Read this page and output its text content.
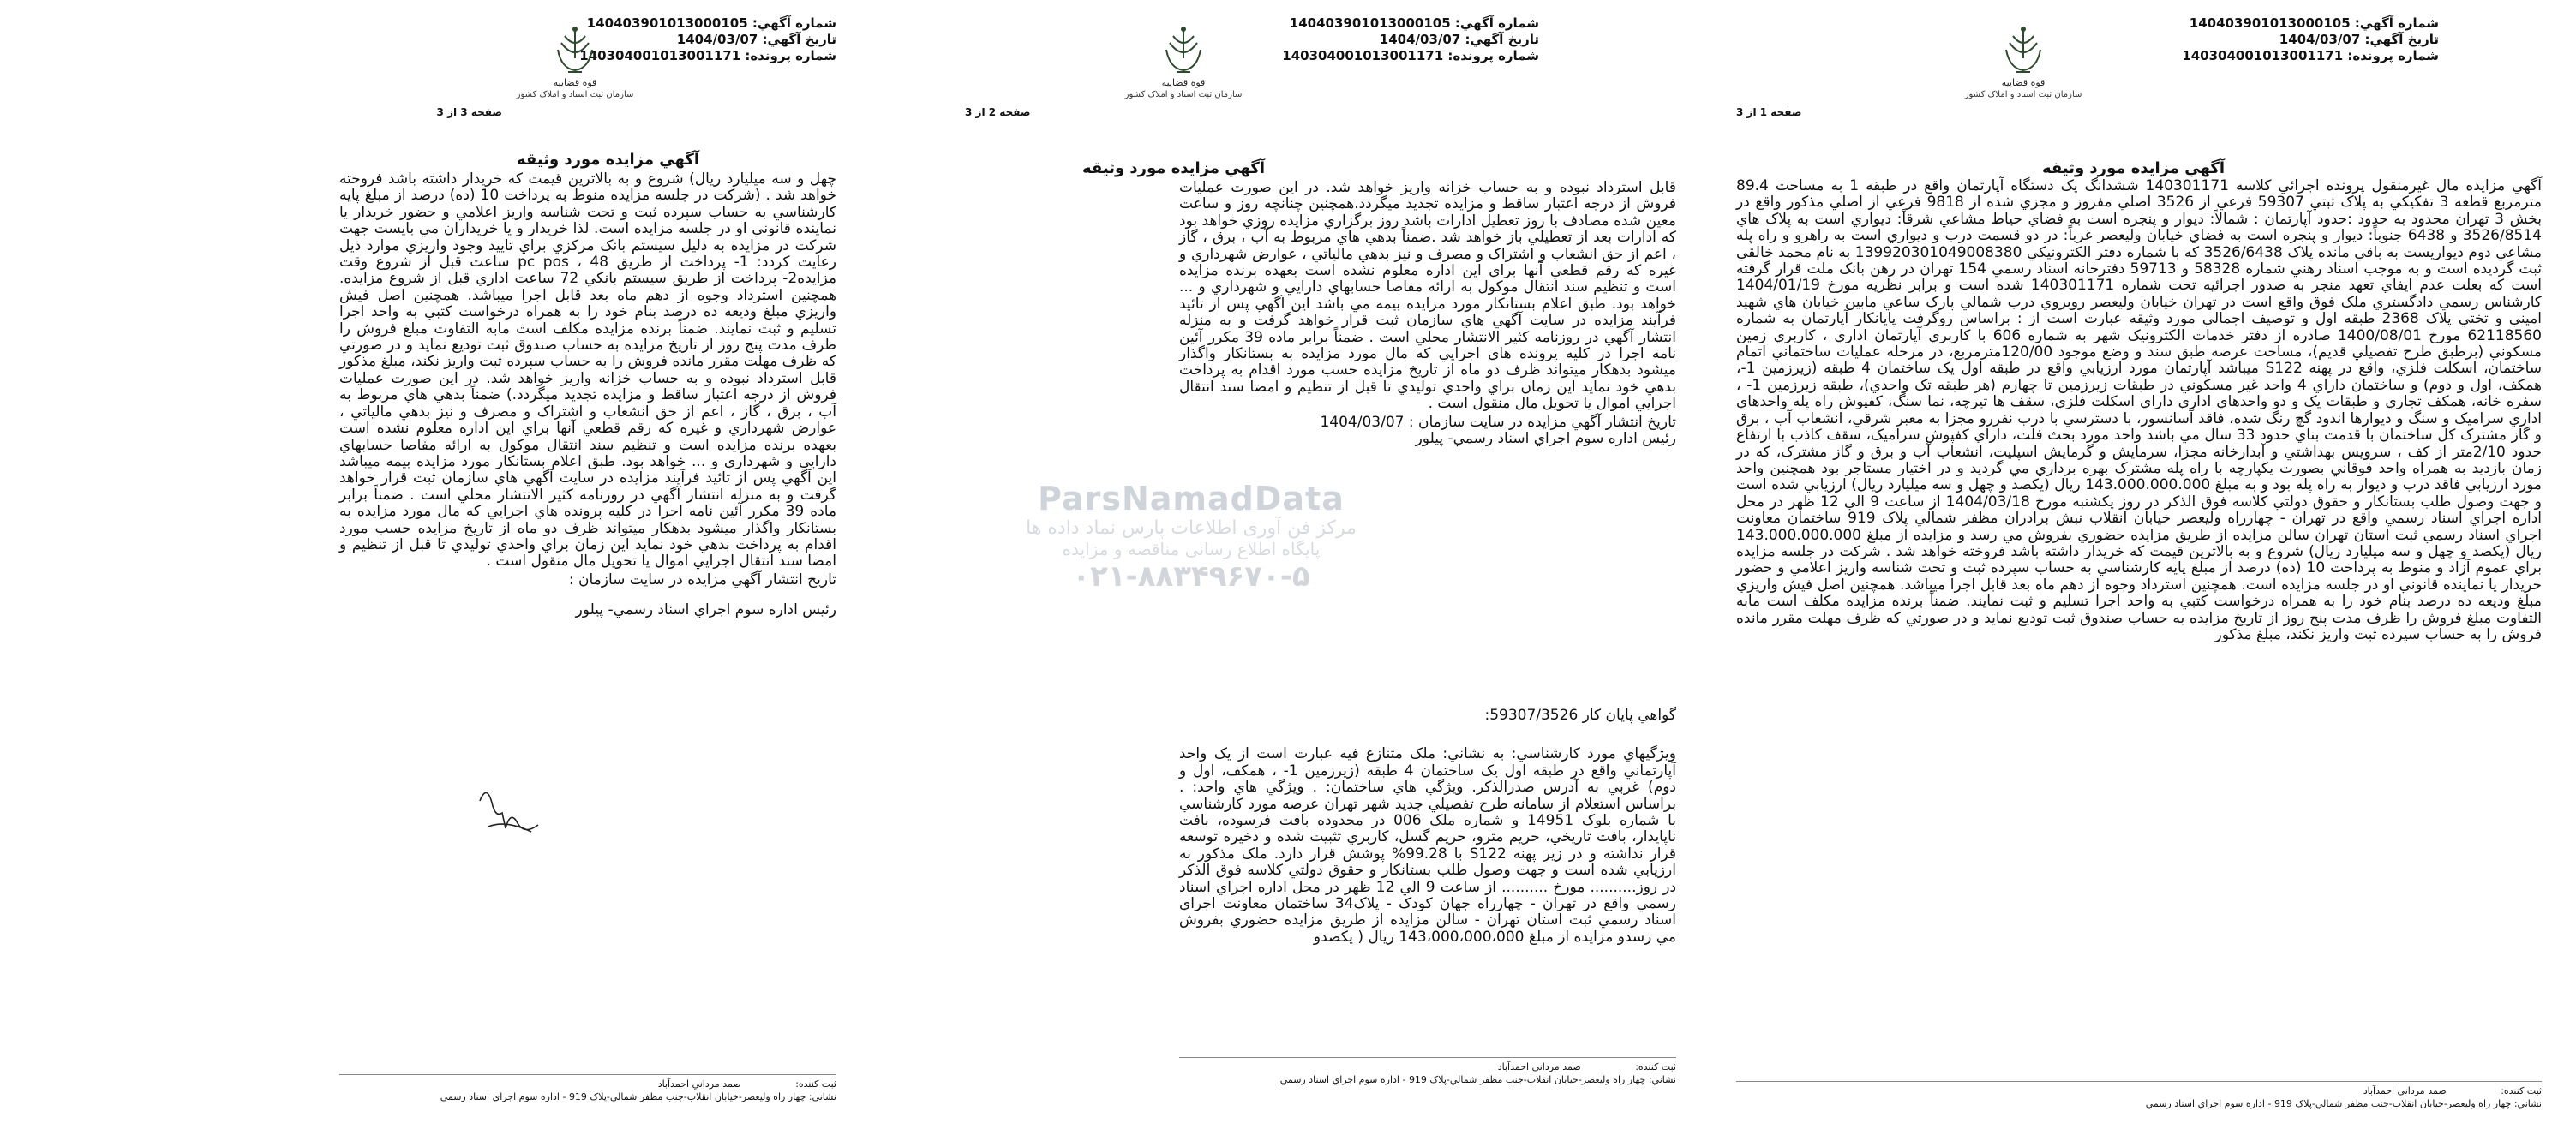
شماره آگهي: 140403901013000105
تاريخ آگهي: 1404/03/07
شماره پرونده: 140304001013001171
قوه قضاییه
سازمان ثبت اسناد و املاک کشور
صفحه 1 از 3
آگهي مزايده مورد وثيقه

آگهي مزايده مال غيرمنقول پرونده اجرائي کلاسه 140301171 ششدانگ يک دستگاه آپارتمان واقع در طبقه 1 به مساحت 89.4 مترمربع قطعه 3 تفکيکي به پلاک ثبتي 59307 فرعي از 3526 اصلي مفروز و مجزي شده از 9818 فرعي از اصلي مذکور واقع در بخش 3 تهران محدود به حدود :حدود آپارتمان : شمالاً: ديوار و پنجره است به فضاي حياط مشاعي شرقاً: ديواري است به پلاک هاي 3526/8514 و 6438 جنوباً: ديوار و پنجره است به فضاي خيابان وليعصر غرباً: در دو قسمت درب و ديواري است به راهرو و راه پله مشاعي دوم ديواريست به باقي مانده پلاک 3526/6438 که با شماره دفتر الکترونيکي 139920301049008380 به نام محمد خالقي ثبت گرديده است و به موجب اسناد رهني شماره 58328 و 59713 دفترخانه اسناد رسمي 154 تهران در رهن بانک ملت قرار گرفته است که بعلت عدم ايفاي تعهد منجر به صدور اجرائيه تحت شماره 140301171 شده است و برابر نظريه مورخ 1404/01/19 کارشناس رسمي دادگستري ملک فوق واقع است در تهران خيابان وليعصر روبروي درب شمالي پارک ساعي مابين خيابان هاي شهيد اميني و تختي پلاک 2368 طبقه اول و توصيف اجمالي مورد وثيقه عبارت است از : براساس روگرفت پايانکار آپارتمان به شماره 62118560 مورخ 1400/08/01 صادره از دفتر خدمات الکترونيک شهر به شماره 606 با کاربري آپارتمان اداري ، کاربري زمين مسکوني (برطبق طرح تفصيلي قديم)، مساحت عرصه طبق سند و وضع موجود 120/00مترمربع، در مرحله عمليات ساختماني اتمام ساختمان، اسکلت فلزي، واقع در پهنه S122 ميباشد آپارتمان مورد ارزيابي واقع در طبقه اول يک ساختمان 4 طبقه (زيرزمين 1-، همکف، اول و دوم) و ساختمان داراي 4 واحد غير مسکوني در طبقات زيرزمين تا چهارم (هر طبقه تک واحدي)، طبقه زيرزمين 1- ، سفره خانه، همکف تجاري و طبقات يک و دو واحدهاي اداري داراي اسکلت فلزي، سقف ها تيرچه، نما سنگ، کفپوش راه پله واحدهاي اداري سراميک و سنگ و ديوارها اندود گچ رنگ شده، فاقد آسانسور، با دسترسي با درب نفررو مجزا به معبر شرقي، انشعاب آب ، برق و گاز مشترک کل ساختمان با قدمت بناي حدود 33 سال مي باشد واحد مورد بحث فلت، داراي کفپوش سراميک، سقف کاذب با ارتفاع حدود 2/10متر از کف ، سرويس بهداشتي و آبدارخانه مجزا، سرمايش و گرمايش اسپليت، انشعاب آب و برق و گاز مشترک، که در زمان بازديد به همراه واحد فوقاني بصورت يکپارچه با راه پله مشترک بهره برداري مي گرديد و در اختيار مستاجر بود همچنين واحد مورد ارزيابي فاقد درب و ديوار به راه پله بود و به مبلغ 143.000.000.000 ريال (يکصد و چهل و سه ميليارد ريال) ارزيابي شده است و جهت وصول طلب بستانکار و حقوق دولتي کلاسه فوق الذکر در روز يکشنبه مورخ 1404/03/18 از ساعت 9 الي 12 ظهر در محل اداره اجراي اسناد رسمي واقع در تهران - چهارراه وليعصر خيابان انقلاب نبش برادران مظفر شمالي پلاک 919 ساختمان معاونت اجراي اسناد رسمي ثبت استان تهران سالن مزايده از طريق مزايده حضوري بفروش مي رسد و مزايده از مبلغ 143.000.000.000 ريال (يکصد و چهل و سه ميليارد ريال) شروع و به بالاترين قيمت که خريدار داشته باشد فروخته خواهد شد . شرکت در جلسه مزايده براي عموم آزاد و منوط به پرداخت 10 (ده) درصد از مبلغ پايه کارشناسي به حساب سپرده ثبت و تحت شناسه واريز اعلامي و حضور خريدار يا نماينده قانوني او در جلسه مزايده است. همچنين استرداد وجوه از دهم ماه بعد قابل اجرا ميباشد. همچنين اصل فيش واريزي مبلغ وديعه ده درصد بنام خود را به همراه درخواست کتبي به واحد اجرا تسليم و ثبت نمايند. ضمناً برنده مزايده مکلف است مابه التفاوت مبلغ فروش را ظرف مدت پنج روز از تاريخ مزايده به حساب صندوق ثبت توديع نمايد و در صورتي که ظرف مهلت مقرر مانده فروش را به حساب سپرده ثبت واريز نکند، مبلغ مذکور

ثبت کننده: صمد مرداني احمدآباد
نشاني: چهار راه وليعصر-خيابان انقلاب-جنب مظفر شمالي-پلاک 919 - اداره سوم اجراي اسناد رسمي
شماره آگهي: 140403901013000105
تاريخ آگهي: 1404/03/07
شماره پرونده: 140304001013001171
قوه قضاییه
سازمان ثبت اسناد و املاک کشور
صفحه 2 از 3
آگهي مزايده مورد وثيقه

قابل استرداد نبوده و به حساب خزانه واريز خواهد شد. در اين صورت عمليات فروش از درجه اعتبار ساقط و مزايده تجديد ميگردد.همچنين چنانچه روز و ساعت معين شده مصادف با روز تعطيل ادارات باشد روز برگزاري مزايده روزي خواهد بود که ادارات بعد از تعطيلي باز خواهد شد .ضمناً بدهي هاي مربوط به آب ، برق ، گاز ، اعم از حق انشعاب و اشتراک و مصرف و نيز بدهي مالياتي ، عوارض شهرداري و غيره که رقم قطعي آنها براي اين اداره معلوم نشده است بعهده برنده مزايده است و تنظيم سند انتقال موکول به ارائه مفاصا حسابهاي دارايي و شهرداري و ... خواهد بود. طبق اعلام بستانکار مورد مزايده بيمه مي باشد اين آگهي پس از تائيد فرآيند مزايده در سايت آگهي هاي سازمان ثبت قرار خواهد گرفت و به منزله انتشار آگهي در روزنامه کثير الانتشار محلي است . ضمناً برابر ماده 39 مکرر آئين نامه اجرا در کليه پرونده هاي اجرايي که مال مورد مزايده به بستانکار واگذار ميشود بدهکار ميتواند ظرف دو ماه از تاريخ مزايده حسب مورد اقدام به پرداخت بدهي خود نمايد اين زمان براي واحدي توليدي تا قبل از تنظيم و امضا سند انتقال اجرايي اموال يا تحويل مال منقول است .

تاريخ انتشار آگهي مزايده در سايت سازمان : 1404/03/07

رئيس اداره سوم اجراي اسناد رسمي- پيلور

گواهي پايان کار 59307/3526:

ويژگيهاي مورد کارشناسي: به نشاني: ملک متنازع فيه عبارت است از يک واحد آپارتماني واقع در طبقه اول يک ساختمان 4 طبقه (زيرزمين 1- ، همکف، اول و دوم) غربي به آدرس صدرالذکر. ويژگي هاي ساختمان: . ويژگي هاي واحد: . براساس استعلام از سامانه طرح تفصيلي جديد شهر تهران عرصه مورد کارشناسي با شماره بلوک 14951 و شماره ملک 006 در محدوده بافت فرسوده، بافت ناپايدار، بافت تاريخي، حريم مترو، حريم گسل، کاربري تثبيت شده و ذخيره توسعه قرار نداشته و در زير پهنه S122 با 99.28% پوشش قرار دارد. ملک مذکور به ارزيابي شده است و جهت وصول طلب بستانکار و حقوق دولتي کلاسه فوق الذکر در روز.......... مورخ .......... از ساعت 9 الي 12 ظهر در محل اداره اجراي اسناد رسمي واقع در تهران - چهارراه جهان کودک - پلاک34 ساختمان معاونت اجراي اسناد رسمي ثبت استان تهران - سالن مزايده از طريق مزايده حضوري بفروش مي رسدو مزايده از مبلغ 143،000،000،000 ريال ( يکصدو

ثبت کننده: صمد مرداني احمدآباد
نشاني: چهار راه وليعصر-خيابان انقلاب-جنب مظفر شمالي-پلاک 919 - اداره سوم اجراي اسناد رسمي
ParsNamadData
مرکز فن آوری اطلاعات پارس نماد داده ها
پایگاه اطلاع رسانی مناقصه و مزایده
۰۲۱-۸۸۳۴۹۶۷۰-۵
شماره آگهي: 140403901013000105
تاريخ آگهي: 1404/03/07
شماره پرونده: 140304001013001171
قوه قضاییه
سازمان ثبت اسناد و املاک کشور
صفحه 3 از 3
آگهي مزايده مورد وثيقه

چهل و سه ميليارد ريال) شروع و به بالاترين قيمت که خريدار داشته باشد فروخته خواهد شد . (شرکت در جلسه مزايده منوط به پرداخت 10 (ده) درصد از مبلغ پايه کارشناسي به حساب سپرده ثبت و تحت شناسه واريز اعلامي و حضور خريدار يا نماينده قانوني او در جلسه مزايده است. لذا خريدار و يا خريداران مي بايست جهت شرکت در مزايده به دليل سيستم بانک مرکزي براي تاييد وجود واريزي موارد ذيل رعايت کردد: 1- پرداخت از طريق pc pos ، 48 ساعت قبل از شروع وقت مزايده2- پرداخت از طريق سيستم بانکي 72 ساعت اداري قبل از شروع مزايده. همچنين استرداد وجوه از دهم ماه بعد قابل اجرا ميباشد. همچنين اصل فيش واريزي مبلغ وديعه ده درصد بنام خود را به همراه درخواست کتبي به واحد اجرا تسليم و ثبت نمايند. ضمناً برنده مزايده مکلف است مابه التفاوت مبلغ فروش را ظرف مدت پنج روز از تاريخ مزايده به حساب صندوق ثبت توديع نمايد و در صورتي که ظرف مهلت مقرر مانده فروش را به حساب سپرده ثبت واريز نکند، مبلغ مذکور قابل استرداد نبوده و به حساب خزانه واريز خواهد شد. در اين صورت عمليات فروش از درجه اعتبار ساقط و مزايده تجديد ميگردد.) ضمناً بدهي هاي مربوط به آب ، برق ، گاز ، اعم از حق انشعاب و اشتراک و مصرف و نيز بدهي مالياتي ، عوارض شهرداري و غيره که رقم قطعي آنها براي اين اداره معلوم نشده است بعهده برنده مزايده است و تنظيم سند انتقال موکول به ارائه مفاصا حسابهاي دارايي و شهرداري و ... خواهد بود. طبق اعلام بستانکار مورد مزايده بيمه ميباشد اين آگهي پس از تائيد فرآيند مزايده در سايت آگهي هاي سازمان ثبت قرار خواهد گرفت و به منزله انتشار آگهي در روزنامه کثير الانتشار محلي است . ضمناً برابر ماده 39 مکرر آئين نامه اجرا در کليه پرونده هاي اجرايي که مال مورد مزايده به بستانکار واگذار ميشود بدهکار ميتواند ظرف دو ماه از تاريخ مزايده حسب مورد اقدام به پرداخت بدهي خود نمايد اين زمان براي واحدي توليدي تا قبل از تنظيم و امضا سند انتقال اجرايي اموال يا تحويل مال منقول است .

تاريخ انتشار آگهي مزايده در سايت سازمان :

رئيس اداره سوم اجراي اسناد رسمي- پيلور

ثبت کننده: صمد مرداني احمدآباد
نشاني: چهار راه وليعصر-خيابان انقلاب-جنب مظفر شمالي-پلاک 919 - اداره سوم اجراي اسناد رسمي
